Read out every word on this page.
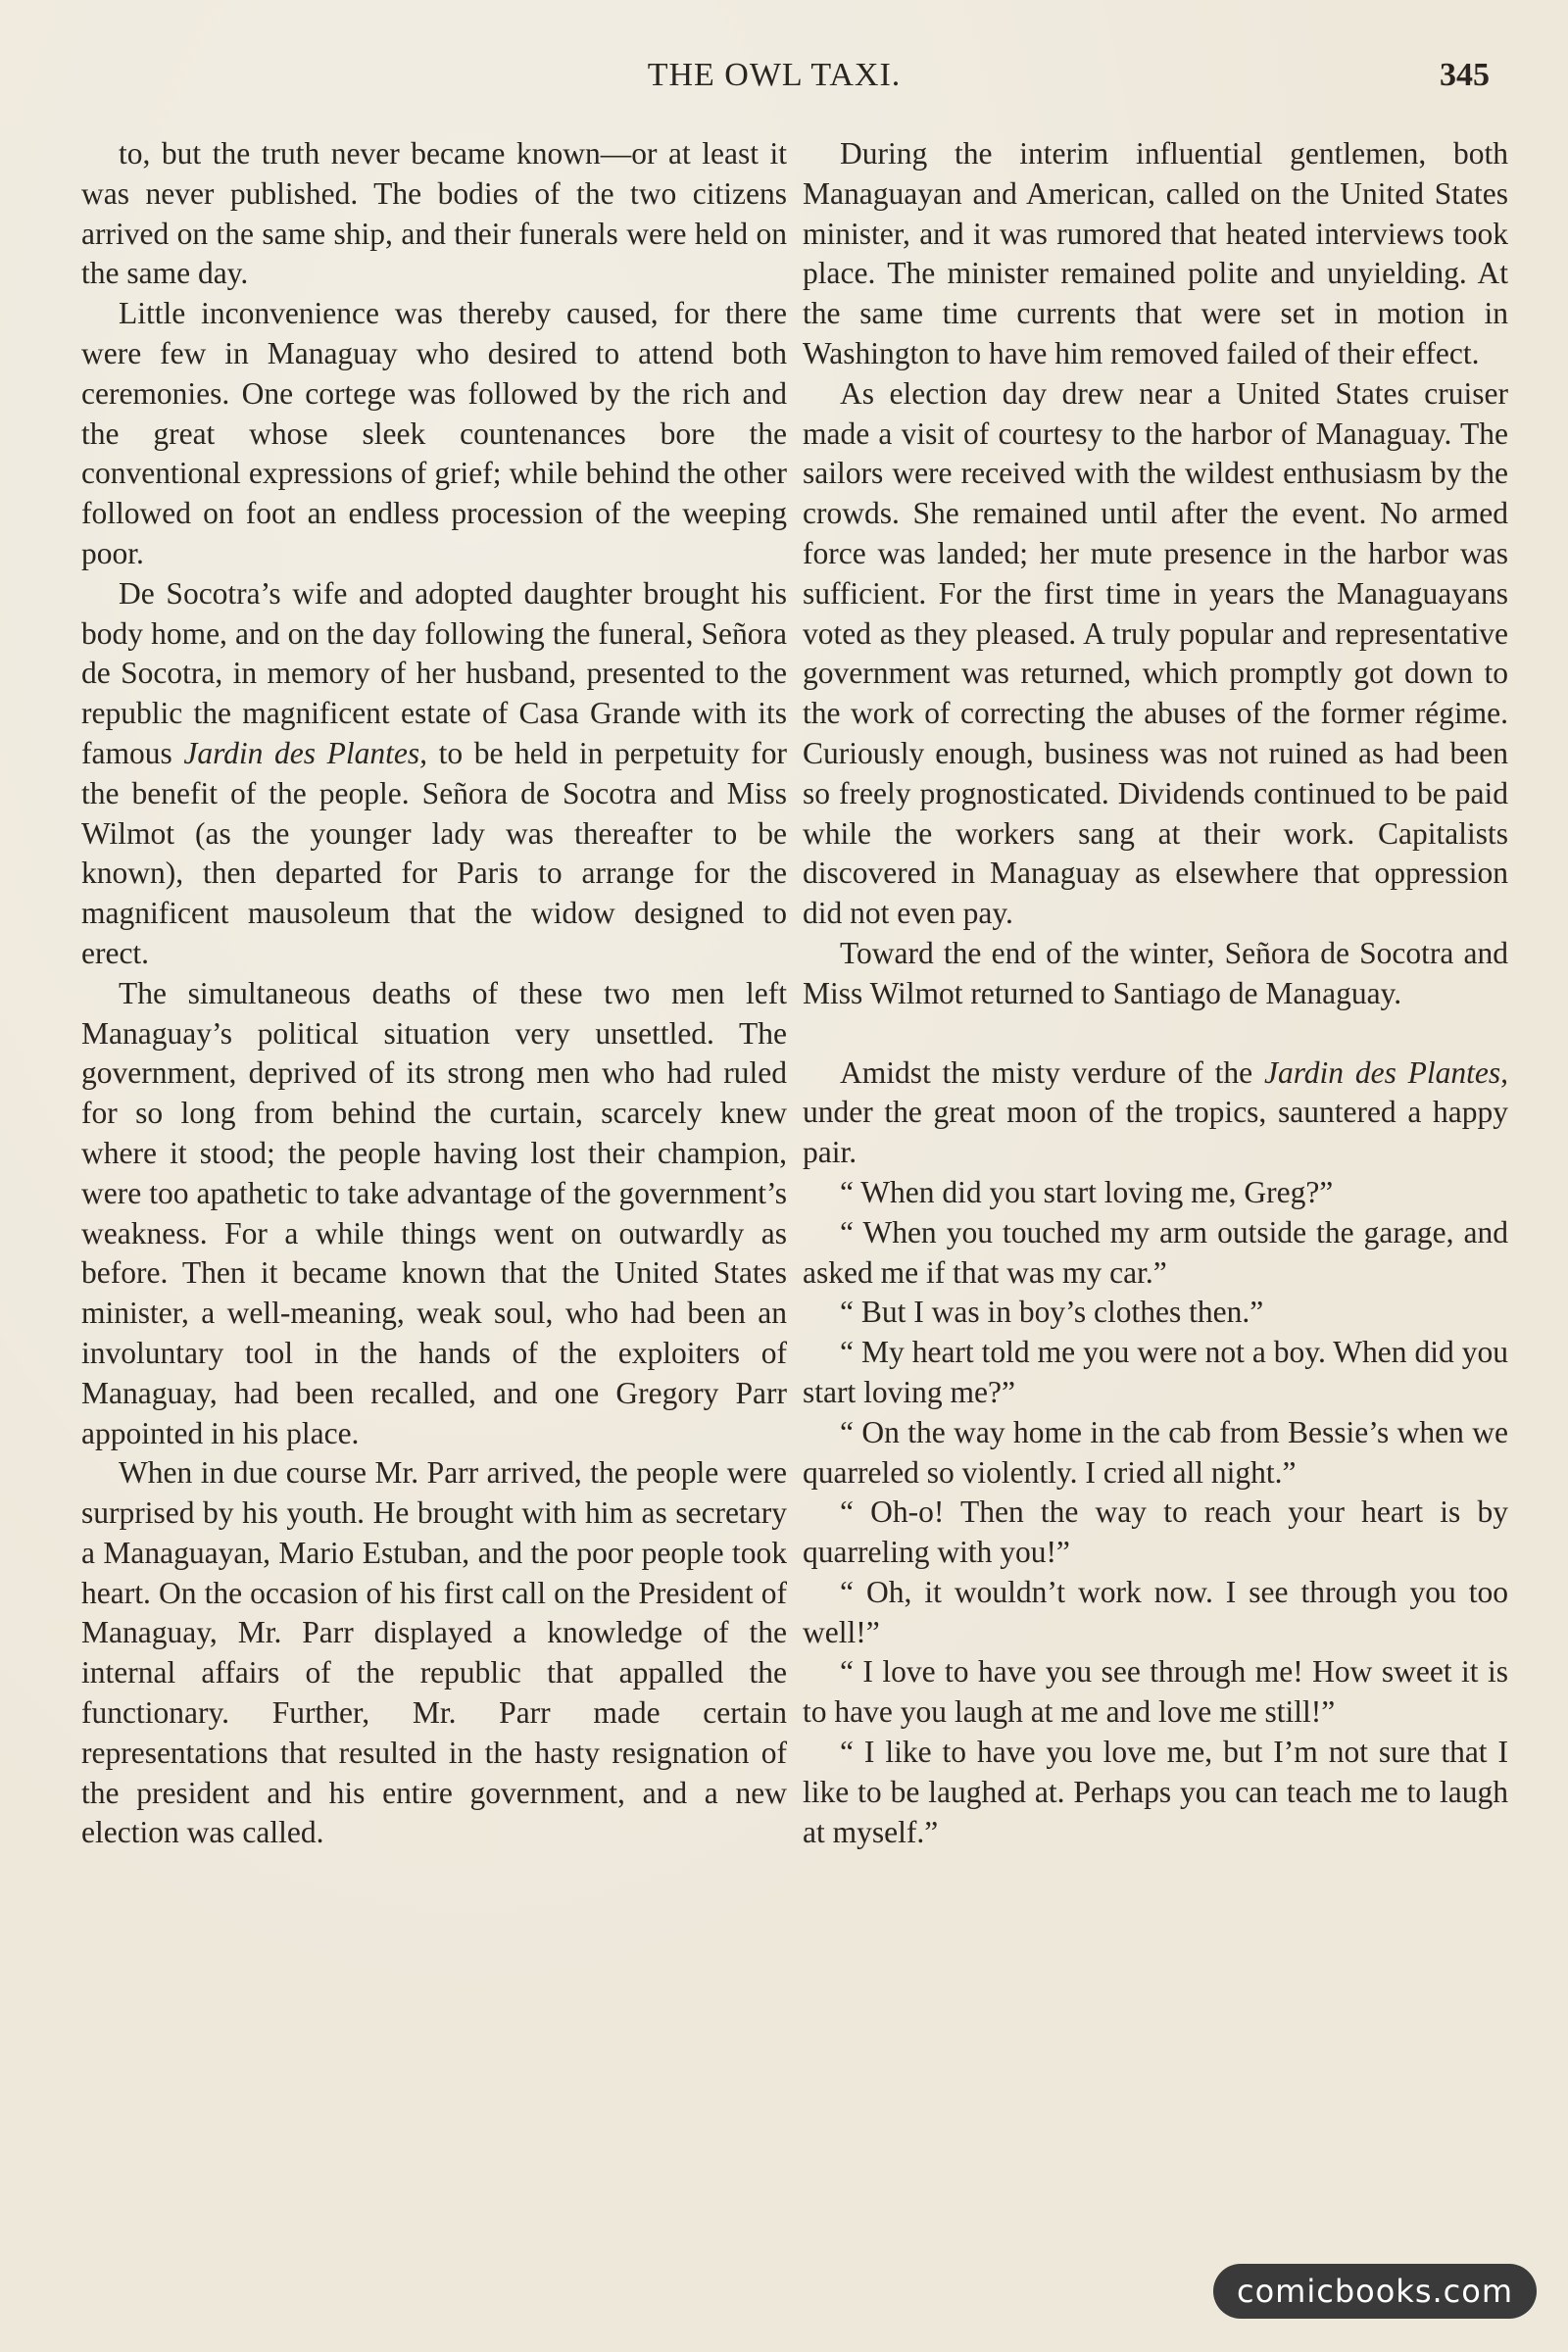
THE OWL TAXI.	345

to, but the truth never became known—or at least it was never published. The bodies of the two citizens arrived on the same ship, and their funerals were held on the same day.

Little inconvenience was thereby caused, for there were few in Managuay who desired to attend both ceremonies. One cortege was followed by the rich and the great whose sleek countenances bore the conventional expressions of grief; while behind the other followed on foot an endless procession of the weeping poor.

De Socotra’s wife and adopted daughter brought his body home, and on the day following the funeral, Señora de Socotra, in memory of her husband, presented to the republic the magnificent estate of Casa Grande with its famous Jardin des Plantes, to be held in perpetuity for the benefit of the people. Señora de Socotra and Miss Wilmot (as the younger lady was thereafter to be known), then departed for Paris to arrange for the magnificent mausoleum that the widow designed to erect.

The simultaneous deaths of these two men left Managuay’s political situation very unsettled. The government, deprived of its strong men who had ruled for so long from behind the curtain, scarcely knew where it stood; the people having lost their champion, were too apathetic to take advantage of the government’s weakness. For a while things went on outwardly as before. Then it became known that the United States minister, a well-meaning, weak soul, who had been an involuntary tool in the hands of the exploiters of Managuay, had been recalled, and one Gregory Parr appointed in his place.

When in due course Mr. Parr arrived, the people were surprised by his youth. He brought with him as secretary a Managuayan, Mario Estuban, and the poor people took heart. On the occasion of his first call on the President of Managuay, Mr. Parr displayed a knowledge of the internal affairs of the republic that appalled the functionary. Further, Mr. Parr made certain representations that resulted in the hasty resignation of the president and his entire government, and a new election was called.

During the interim influential gentlemen, both Managuayan and American, called on the United States minister, and it was rumored that heated interviews took place. The minister remained polite and unyielding. At the same time currents that were set in motion in Washington to have him removed failed of their effect.

As election day drew near a United States cruiser made a visit of courtesy to the harbor of Managuay. The sailors were received with the wildest enthusiasm by the crowds. She remained until after the event. No armed force was landed; her mute presence in the harbor was sufficient. For the first time in years the Managuayans voted as they pleased. A truly popular and representative government was returned, which promptly got down to the work of correcting the abuses of the former régime. Curiously enough, business was not ruined as had been so freely prognosticated. Dividends continued to be paid while the workers sang at their work. Capitalists discovered in Managuay as elsewhere that oppression did not even pay.

Toward the end of the winter, Señora de Socotra and Miss Wilmot returned to Santiago de Managuay.

Amidst the misty verdure of the Jardin des Plantes, under the great moon of the tropics, sauntered a happy pair.

“ When did you start loving me, Greg?”

“ When you touched my arm outside the garage, and asked me if that was my car.”

“ But I was in boy’s clothes then.”

“ My heart told me you were not a boy. When did you start loving me?”

“ On the way home in the cab from Bessie’s when we quarreled so violently. I cried all night.”

“ Oh-o! Then the way to reach your heart is by quarreling with you!”

“ Oh, it wouldn’t work now. I see through you too well!”

“ I love to have you see through me! How sweet it is to have you laugh at me and love me still!”

“ I like to have you love me, but I’m not sure that I like to be laughed at. Perhaps you can teach me to laugh at myself.”

comicbooks.com
